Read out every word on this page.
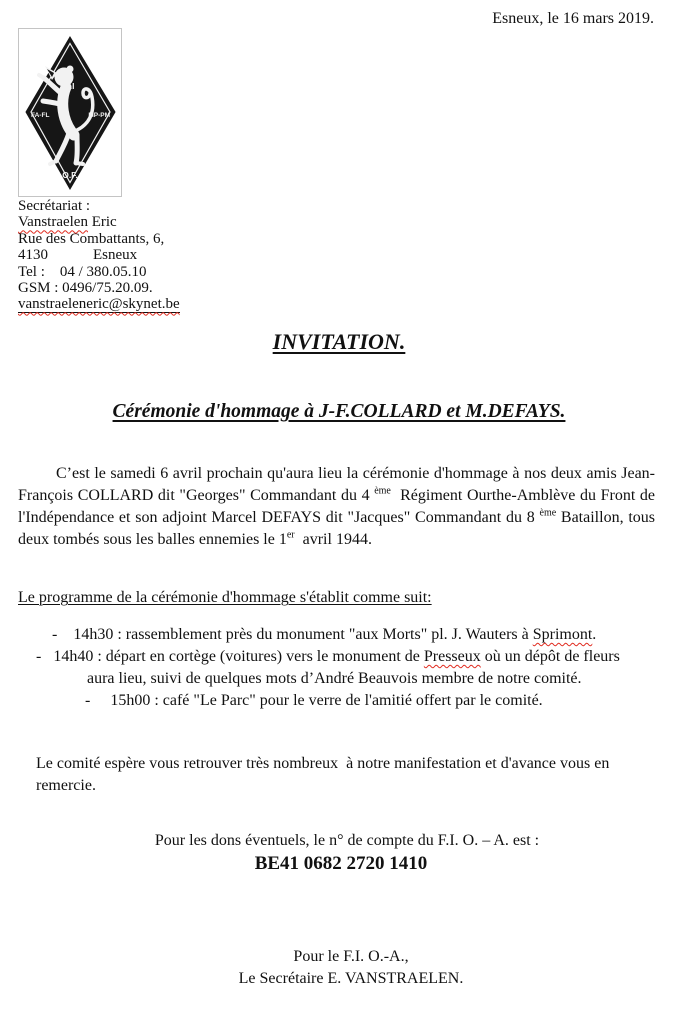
Esneux, le 16 mars 2019.
F.I
FA-FL	MP-PM
O.F.
Secrétariat :
Vanstraelen Eric
Rue des Combattants, 6,
4130            Esneux
Tel :    04 / 380.05.10
GSM : 0496/75.20.09.
vanstraeleneric@skynet.be
INVITATION.
Cérémonie d'hommage à J-F.COLLARD et M.DEFAYS.
C’est le samedi 6 avril prochain qu'aura lieu la cérémonie d'hommage à nos deux amis Jean-François COLLARD dit "Georges" Commandant du 4 $^{ème}$  Régiment Ourthe-Amblève du Front de l'Indépendance et son adjoint Marcel DEFAYS dit "Jacques" Commandant du 8 $^{ème}$ Bataillon, tous deux tombés sous les balles ennemies le 1er  avril 1944.
Le programme de la cérémonie d'hommage s'établit comme suit:
-    14h30 : rassemblement près du monument "aux Morts" pl. J. Wauters à Sprimont.
-   14h40 : départ en cortège (voitures) vers le monument de Presseux où un dépôt de fleurs
aura lieu, suivi de quelques mots d’André Beauvois membre de notre comité.
-     15h00 : café "Le Parc" pour le verre de l'amitié offert par le comité.
Le comité espère vous retrouver très nombreux  à notre manifestation et d'avance vous en remercie.
Pour les dons éventuels, le n° de compte du F.I. O. – A. est :
BE41 0682 2720 1410
Pour le F.I. O.-A.,
Le Secrétaire E. VANSTRAELEN.
